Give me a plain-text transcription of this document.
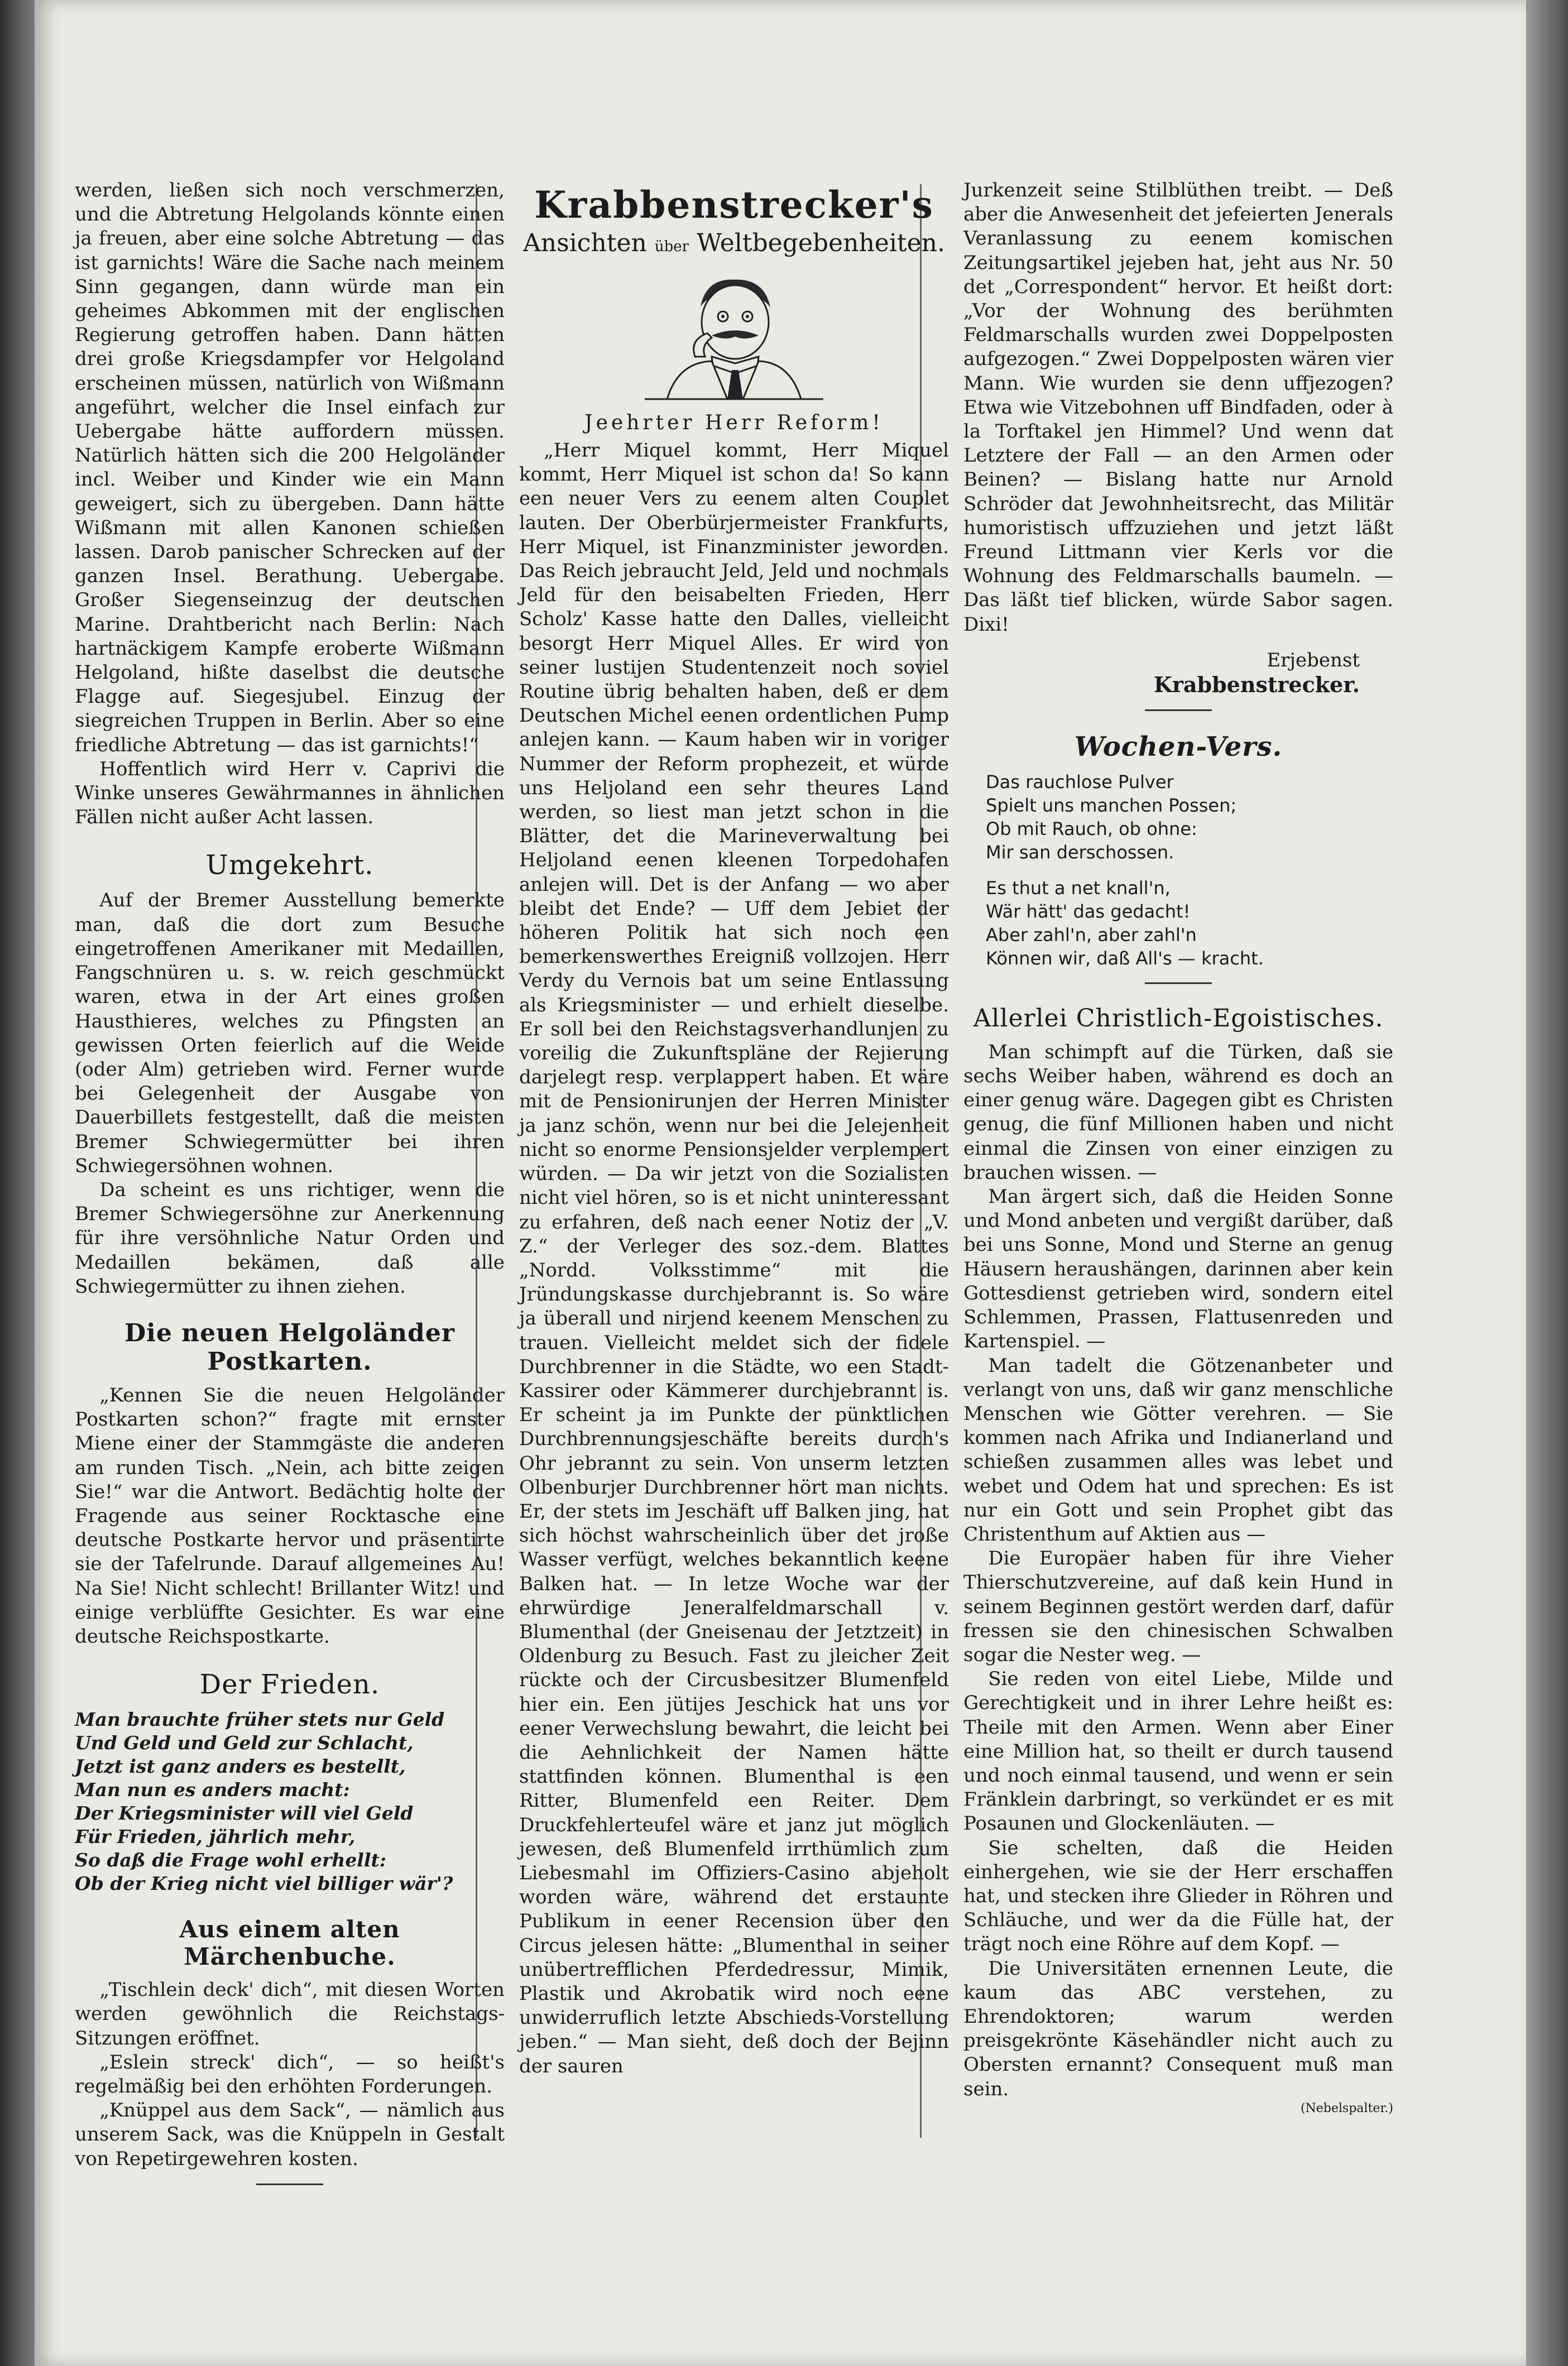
werden, ließen sich noch verschmerzen, und die Abtretung Helgolands könnte einen ja freuen, aber eine solche Abtretung — das ist garnichts! Wäre die Sache nach meinem Sinn gegangen, dann würde man ein geheimes Abkommen mit der englischen Regierung getroffen haben. Dann hätten drei große Kriegsdampfer vor Helgoland erscheinen müssen, natürlich von Wißmann angeführt, welcher die Insel einfach zur Uebergabe hätte auffordern müssen. Natürlich hätten sich die 200 Helgoländer incl. Weiber und Kinder wie ein Mann geweigert, sich zu übergeben. Dann hätte Wißmann mit allen Kanonen schießen lassen. Darob panischer Schrecken auf der ganzen Insel. Berathung. Uebergabe. Großer Siegenseinzug der deutschen Marine. Drahtbericht nach Berlin: Nach hartnäckigem Kampfe eroberte Wißmann Helgoland, hißte daselbst die deutsche Flagge auf. Siegesjubel. Einzug der siegreichen Truppen in Berlin. Aber so eine friedliche Abtretung — das ist garnichts!“

Hoffentlich wird Herr v. Caprivi die Winke unseres Gewährmannes in ähnlichen Fällen nicht außer Acht lassen.

Umgekehrt.

Auf der Bremer Ausstellung bemerkte man, daß die dort zum Besuche eingetroffenen Amerikaner mit Medaillen, Fangschnüren u. s. w. reich geschmückt waren, etwa in der Art eines großen Hausthieres, welches zu Pfingsten an gewissen Orten feierlich auf die Weide (oder Alm) getrieben wird. Ferner wurde bei Gelegenheit der Ausgabe von Dauerbillets festgestellt, daß die meisten Bremer Schwiegermütter bei ihren Schwiegersöhnen wohnen.

Da scheint es uns richtiger, wenn die Bremer Schwiegersöhne zur Anerkennung für ihre versöhnliche Natur Orden und Medaillen bekämen, daß alle Schwiegermütter zu ihnen ziehen.

Die neuen Helgoländer Postkarten.

„Kennen Sie die neuen Helgoländer Postkarten schon?“ fragte mit ernster Miene einer der Stammgäste die anderen am runden Tisch. „Nein, ach bitte zeigen Sie!“ war die Antwort. Bedächtig holte der Fragende aus seiner Rocktasche eine deutsche Postkarte hervor und präsentirte sie der Tafelrunde. Darauf allgemeines Au! Na Sie! Nicht schlecht! Brillanter Witz! und einige verblüffte Gesichter. Es war eine deutsche Reichspostkarte.

Der Frieden.
Man brauchte früher stets nur Geld
Und Geld und Geld zur Schlacht,
Jetzt ist ganz anders es bestellt,
Man nun es anders macht:
Der Kriegsminister will viel Geld
Für Frieden, jährlich mehr,
So daß die Frage wohl erhellt:
Ob der Krieg nicht viel billiger wär'?
Aus einem alten Märchenbuche.

„Tischlein deck' dich“, mit diesen Worten werden gewöhnlich die Reichstags-Sitzungen eröffnet.

„Eslein streck' dich“, — so heißt's regelmäßig bei den erhöhten Forderungen.

„Knüppel aus dem Sack“, — nämlich aus unserem Sack, was die Knüppeln in Gestalt von Repetirgewehren kosten.

Krabbenstrecker's
Ansichten über Weltbegebenheiten.
Jeehrter Herr Reform!

„Herr Miquel kommt, Herr Miquel kommt, Herr Miquel ist schon da! So kann een neuer Vers zu eenem alten Couplet lauten. Der Oberbürjermeister Frankfurts, Herr Miquel, ist Finanzminister jeworden. Das Reich jebraucht Jeld, Jeld und nochmals Jeld für den beisabelten Frieden, Herr Scholz' Kasse hatte den Dalles, vielleicht besorgt Herr Miquel Alles. Er wird von seiner lustijen Studentenzeit noch soviel Routine übrig behalten haben, deß er dem Deutschen Michel eenen ordentlichen Pump anlejen kann. — Kaum haben wir in voriger Nummer der Reform prophezeit, et würde uns Heljoland een sehr theures Land werden, so liest man jetzt schon in die Blätter, det die Marineverwaltung bei Heljoland eenen kleenen Torpedohafen anlejen will. Det is der Anfang — wo aber bleibt det Ende? — Uff dem Jebiet der höheren Politik hat sich noch een bemerkenswerthes Ereigniß vollzojen. Herr Verdy du Vernois bat um seine Entlassung als Kriegsminister — und erhielt dieselbe. Er soll bei den Reichstagsverhandlunjen zu voreilig die Zukunftspläne der Rejierung darjelegt resp. verplappert haben. Et wäre mit de Pensionirunjen der Herren Minister ja janz schön, wenn nur bei die Jelejenheit nicht so enorme Pensionsjelder verplempert würden. — Da wir jetzt von die Sozialisten nicht viel hören, so is et nicht uninteressant zu erfahren, deß nach eener Notiz der „V. Z.“ der Verleger des soz.-dem. Blattes „Nordd. Volksstimme“ mit die Jründungskasse durchjebrannt is. So wäre ja überall und nirjend keenem Menschen zu trauen. Vielleicht meldet sich der fidele Durchbrenner in die Städte, wo een Stadt-Kassirer oder Kämmerer durchjebrannt is. Er scheint ja im Punkte der pünktlichen Durchbrennungsjeschäfte bereits durch's Ohr jebrannt zu sein. Von unserm letzten Olbenburjer Durchbrenner hört man nichts. Er, der stets im Jeschäft uff Balken jing, hat sich höchst wahrscheinlich über det jroße Wasser verfügt, welches bekanntlich keene Balken hat. — In letze Woche war der ehrwürdige Jeneralfeldmarschall v. Blumenthal (der Gneisenau der Jetztzeit) in Oldenburg zu Besuch. Fast zu jleicher Zeit rückte och der Circusbesitzer Blumenfeld hier ein. Een jütijes Jeschick hat uns vor eener Verwechslung bewahrt, die leicht bei die Aehnlichkeit der Namen hätte stattfinden können. Blumenthal is een Ritter, Blumenfeld een Reiter. Dem Druckfehlerteufel wäre et janz jut möglich jewesen, deß Blumenfeld irrthümlich zum Liebesmahl im Offiziers-Casino abjeholt worden wäre, während det erstaunte Publikum in eener Recension über den Circus jelesen hätte: „Blumenthal in seiner unübertrefflichen Pferdedressur, Mimik, Plastik und Akrobatik wird noch eene unwiderruflich letzte Abschieds-Vorstellung jeben.“ — Man sieht, deß doch der Bejinn der sauren

Jurkenzeit seine Stilblüthen treibt. — Deß aber die Anwesenheit det jefeierten Jenerals Veranlassung zu eenem komischen Zeitungsartikel jejeben hat, jeht aus Nr. 50 det „Correspondent“ hervor. Et heißt dort: „Vor der Wohnung des berühmten Feldmarschalls wurden zwei Doppelposten aufgezogen.“ Zwei Doppelposten wären vier Mann. Wie wurden sie denn uffjezogen? Etwa wie Vitzebohnen uff Bindfaden, oder à la Torftakel jen Himmel? Und wenn dat Letztere der Fall — an den Armen oder Beinen? — Bislang hatte nur Arnold Schröder dat Jewohnheitsrecht, das Militär humoristisch uffzuziehen und jetzt läßt Freund Littmann vier Kerls vor die Wohnung des Feldmarschalls baumeln. — Das läßt tief blicken, würde Sabor sagen. Dixi!

Erjebenst
Krabbenstrecker.
Wochen-Vers.
Das rauchlose Pulver
Spielt uns manchen Possen;
Ob mit Rauch, ob ohne:
Mir san derschossen.
Es thut a net knall'n,
Wär hätt' das gedacht!
Aber zahl'n, aber zahl'n
Können wir, daß All's — kracht.
Allerlei Christlich-Egoistisches.

Man schimpft auf die Türken, daß sie sechs Weiber haben, während es doch an einer genug wäre. Dagegen gibt es Christen genug, die fünf Millionen haben und nicht einmal die Zinsen von einer einzigen zu brauchen wissen. —

Man ärgert sich, daß die Heiden Sonne und Mond anbeten und vergißt darüber, daß bei uns Sonne, Mond und Sterne an genug Häusern heraushängen, darinnen aber kein Gottesdienst getrieben wird, sondern eitel Schlemmen, Prassen, Flattusenreden und Kartenspiel. —

Man tadelt die Götzenanbeter und verlangt von uns, daß wir ganz menschliche Menschen wie Götter verehren. — Sie kommen nach Afrika und Indianerland und schießen zusammen alles was lebet und webet und Odem hat und sprechen: Es ist nur ein Gott und sein Prophet gibt das Christenthum auf Aktien aus —

Die Europäer haben für ihre Vieher Thierschutzvereine, auf daß kein Hund in seinem Beginnen gestört werden darf, dafür fressen sie den chinesischen Schwalben sogar die Nester weg. —

Sie reden von eitel Liebe, Milde und Gerechtigkeit und in ihrer Lehre heißt es: Theile mit den Armen. Wenn aber Einer eine Million hat, so theilt er durch tausend und noch einmal tausend, und wenn er sein Fränklein darbringt, so verkündet er es mit Posaunen und Glockenläuten. —

Sie schelten, daß die Heiden einhergehen, wie sie der Herr erschaffen hat, und stecken ihre Glieder in Röhren und Schläuche, und wer da die Fülle hat, der trägt noch eine Röhre auf dem Kopf. —

Die Universitäten ernennen Leute, die kaum das ABC verstehen, zu Ehrendoktoren; warum werden preisgekrönte Käsehändler nicht auch zu Obersten ernannt? Consequent muß man sein.

(Nebelspalter.)
